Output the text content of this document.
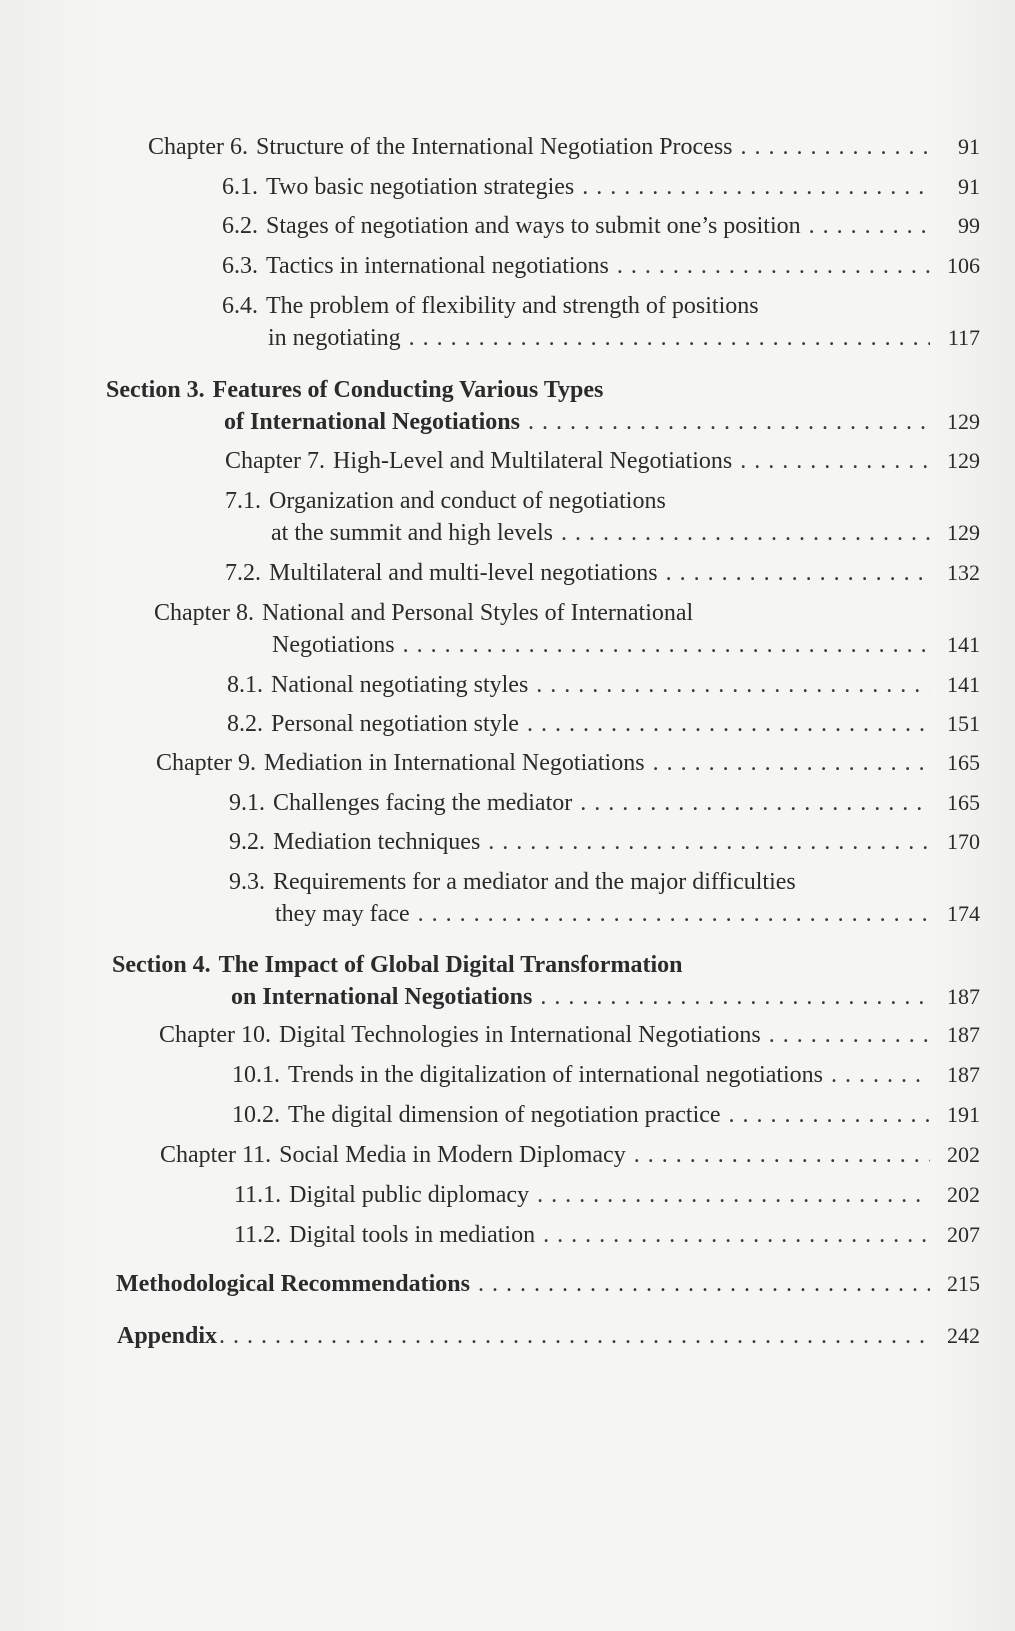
Chapter 6. Structure of the International Negotiation Process . . .	91
6.1. Two basic negotiation strategies . . .	91
6.2. Stages of negotiation and ways to submit one’s position . . .	99
6.3. Tactics in international negotiations . . .	106
6.4. The problem of flexibility and strength of positions
in negotiating . . .	117
Section 3. Features of Conducting Various Types
of International Negotiations . . .	129
Chapter 7. High-Level and Multilateral Negotiations . . .	129
7.1. Organization and conduct of negotiations
at the summit and high levels . . .	129
7.2. Multilateral and multi-level negotiations . . .	132
Chapter 8. National and Personal Styles of International
Negotiations . . .	141
8.1. National negotiating styles . . .	141
8.2. Personal negotiation style . . .	151
Chapter 9. Mediation in International Negotiations . . .	165
9.1. Challenges facing the mediator . . .	165
9.2. Mediation techniques . . .	170
9.3. Requirements for a mediator and the major difficulties
they may face . . .	174
Section 4. The Impact of Global Digital Transformation
on International Negotiations . . .	187
Chapter 10. Digital Technologies in International Negotiations . . .	187
10.1. Trends in the digitalization of international negotiations . . .	187
10.2. The digital dimension of negotiation practice . . .	191
Chapter 11. Social Media in Modern Diplomacy . . .	202
11.1. Digital public diplomacy . . .	202
11.2. Digital tools in mediation . . .	207
Methodological Recommendations . . .	215
Appendix . . .	242
